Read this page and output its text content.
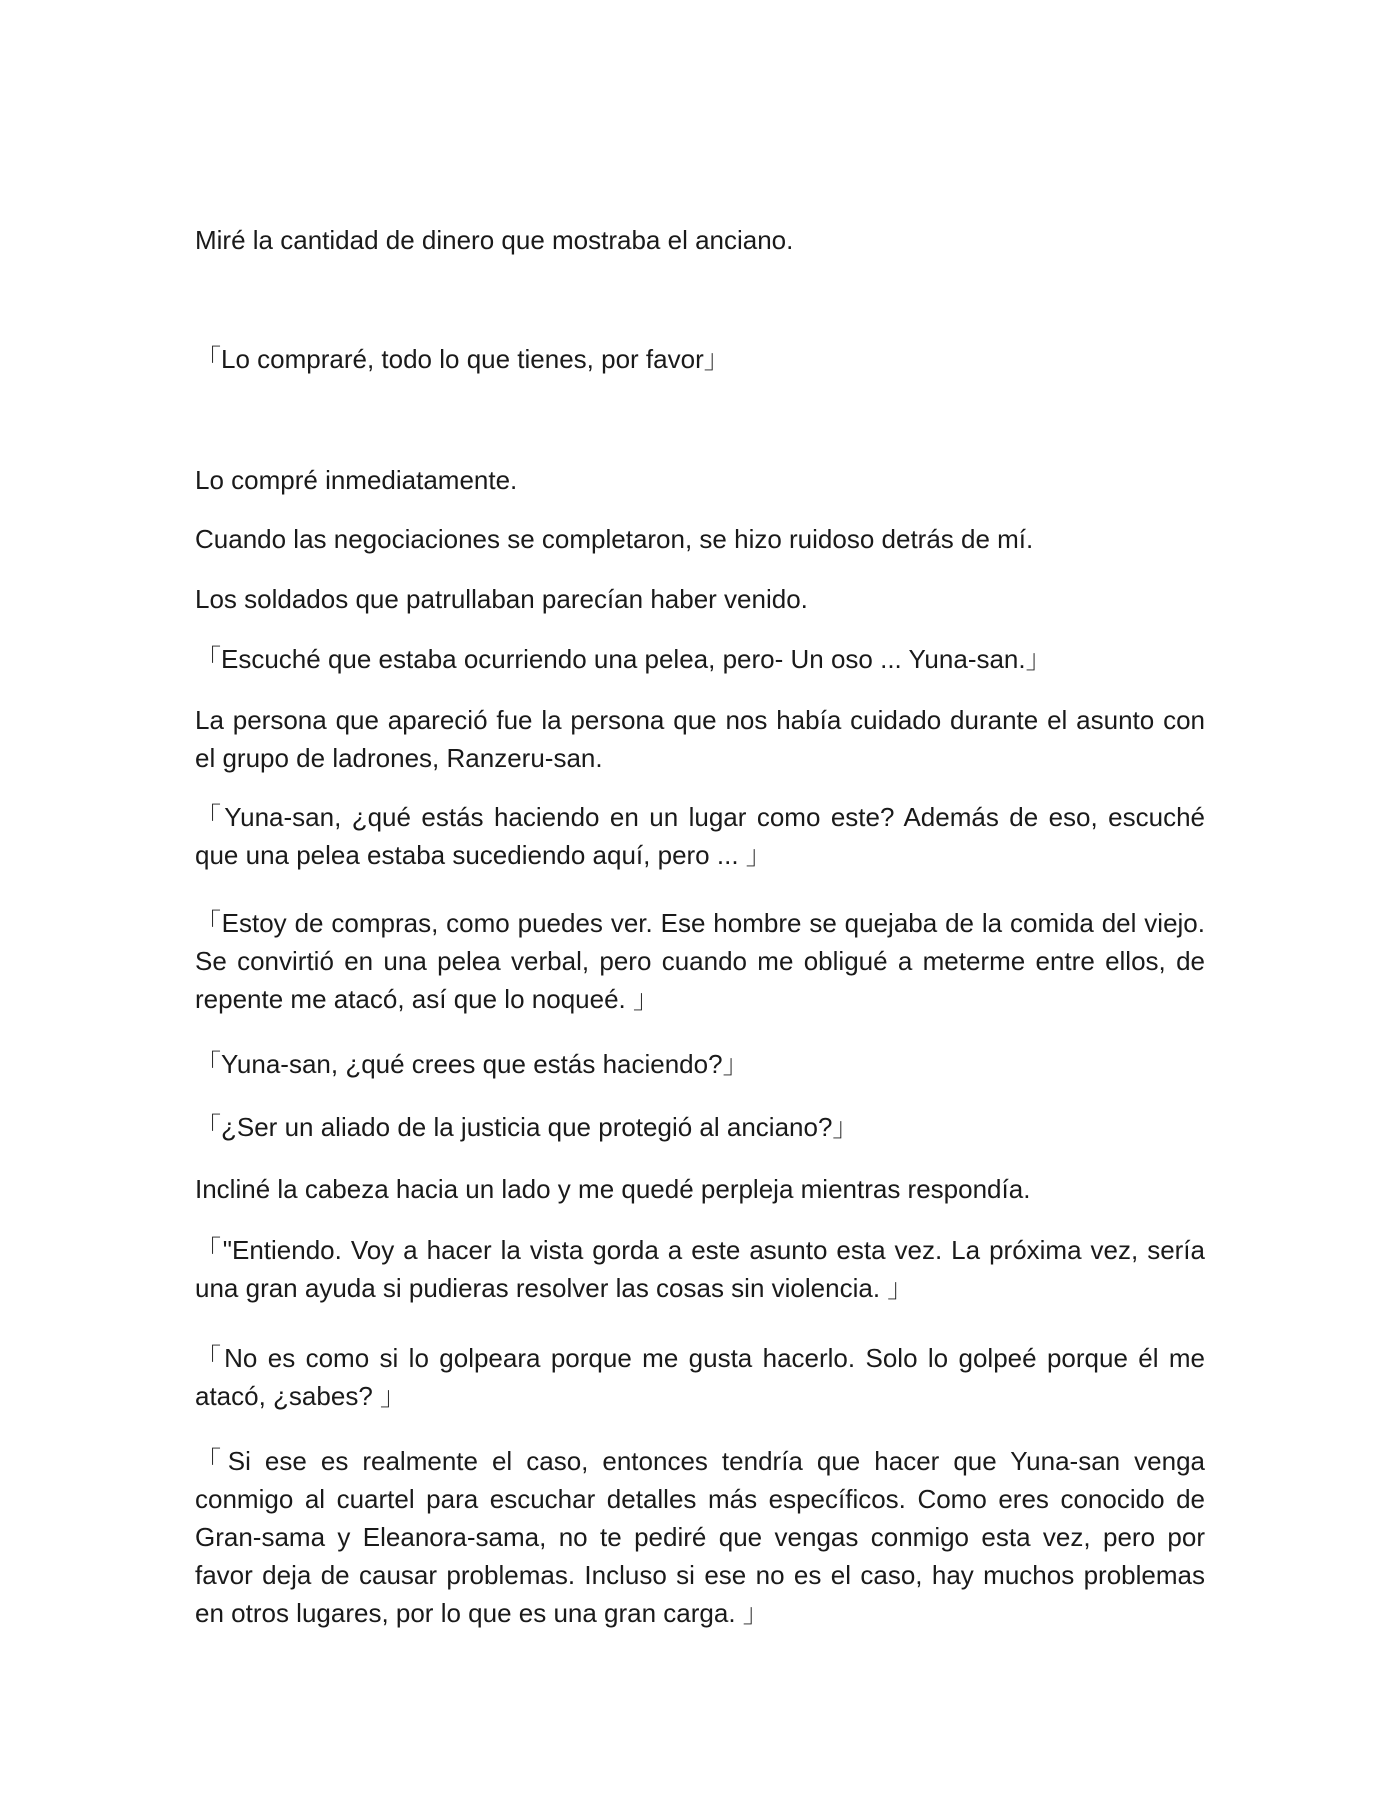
Miré la cantidad de dinero que mostraba el anciano.

「Lo compraré, todo lo que tienes, por favor」

Lo compré inmediatamente.

Cuando las negociaciones se completaron, se hizo ruidoso detrás de mí.

Los soldados que patrullaban parecían haber venido.

「Escuché que estaba ocurriendo una pelea, pero- Un oso ... Yuna-san.」

La persona que apareció fue la persona que nos había cuidado durante el asunto con el grupo de ladrones, Ranzeru-san.

「Yuna-san, ¿qué estás haciendo en un lugar como este? Además de eso, escuché que una pelea estaba sucediendo aquí, pero ... 」

「Estoy de compras, como puedes ver. Ese hombre se quejaba de la comida del viejo. Se convirtió en una pelea verbal, pero cuando me obligué a meterme entre ellos, de repente me atacó, así que lo noqueé. 」

「Yuna-san, ¿qué crees que estás haciendo?」

「¿Ser un aliado de la justicia que protegió al anciano?」

Incliné la cabeza hacia un lado y me quedé perpleja mientras respondía.

「"Entiendo. Voy a hacer la vista gorda a este asunto esta vez. La próxima vez, sería una gran ayuda si pudieras resolver las cosas sin violencia. 」

「No es como si lo golpeara porque me gusta hacerlo. Solo lo golpeé porque él me atacó, ¿sabes? 」

「Si ese es realmente el caso, entonces tendría que hacer que Yuna-san venga conmigo al cuartel para escuchar detalles más específicos. Como eres conocido de Gran-sama y Eleanora-sama, no te pediré que vengas conmigo esta vez, pero por favor deja de causar problemas. Incluso si ese no es el caso, hay muchos problemas en otros lugares, por lo que es una gran carga. 」
